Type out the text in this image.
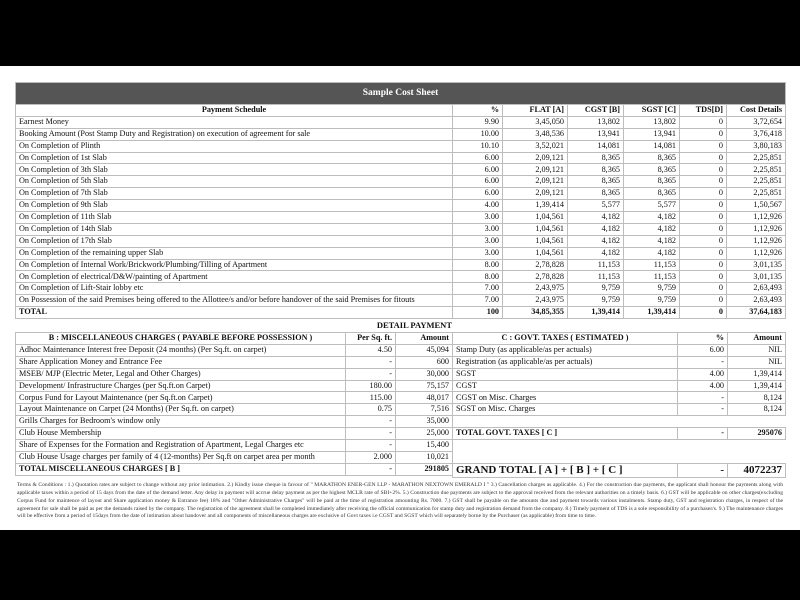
Sample Cost Sheet						
Payment Schedule	%	FLAT [A]	CGST [B]	SGST [C]	TDS[D]	Cost Details
Earnest Money	9.90	3,45,050	13,802	13,802	0	3,72,654
Booking Amount (Post Stamp Duty and Registration) on execution of agreement for sale	10.00	3,48,536	13,941	13,941	0	3,76,418
On Completion of Plinth	10.10	3,52,021	14,081	14,081	0	3,80,183
On Completion of 1st Slab	6.00	2,09,121	8,365	8,365	0	2,25,851
On Completion of 3th Slab	6.00	2,09,121	8,365	8,365	0	2,25,851
On Completion of 5th Slab	6.00	2,09,121	8,365	8,365	0	2,25,851
On Completion of 7th Slab	6.00	2,09,121	8,365	8,365	0	2,25,851
On Completion of 9th Slab	4.00	1,39,414	5,577	5,577	0	1,50,567
On Completion of 11th Slab	3.00	1,04,561	4,182	4,182	0	1,12,926
On Completion of 14th Slab	3.00	1,04,561	4,182	4,182	0	1,12,926
On Completion of 17th Slab	3.00	1,04,561	4,182	4,182	0	1,12,926
On Completion of the remaining upper Slab	3.00	1,04,561	4,182	4,182	0	1,12,926
On Completion of Internal Work/Brickwork/Plumbing/Tilling of Apartment	8.00	2,78,828	11,153	11,153	0	3,01,135
On Completion of electrical/D&W/painting of Apartment	8.00	2,78,828	11,153	11,153	0	3,01,135
On Completion of Lift-Stair lobby etc	7.00	2,43,975	9,759	9,759	0	2,63,493
On Possession of the said Premises being offered to the Allottee/s and/or before handover of the said Premises for fitouts	7.00	2,43,975	9,759	9,759	0	2,63,493
TOTAL	100	34,85,355	1,39,414	1,39,414	0	37,64,183
DETAIL PAYMENT
B : MISCELLANEOUS CHARGES ( PAYABLE BEFORE POSSESSION )	Per Sq. ft.	Amount
Adhoc Maintenance Interest free Deposit (24 months) (Per Sq.ft. on carpet)	4.50	45,094
Share Application Money and Entrance Fee	-	600
MSEB/ MJP (Electric Meter, Legal and Other Charges)	-	30,000
Development/ Infrastructure Charges (per Sq.ft.on Carpet)	180.00	75,157
Corpus Fund for Layout Maintenance (per Sq.ft.on Carpet)	115.00	48,017
Layout Maintenance on Carpet (24 Months) (Per Sq.ft. on carpet)	0.75	7,516
Grills Charges for Bedroom's window only	-	35,000
Club House Membership	-	25,000
Share of Expenses for the Formation and Registration of Apartment, Legal Charges etc	-	15,400
Club House Usage charges per family of 4 (12-months) Per Sq.ft on carpet area per month	2.000	10,021
TOTAL MISCELLANEOUS CHARGES [ B ]	-	291805
C : GOVT. TAXES ( ESTIMATED )	%	Amount
Stamp Duty (as applicable/as per actuals)	6.00	NIL
Registration (as applicable/as per actuals)	-	NIL
SGST	4.00	1,39,414
CGST	4.00	1,39,414
CGST on Misc. Charges	-	8,124
SGST on Misc. Charges	-	8,124

TOTAL GOVT. TAXES [ C ]	-	295076

GRAND TOTAL [ A ] + [ B ] + [ C ]	-	4072237

Terms & Conditions : 1.) Quotation rates are subject to change without any prior intimation. 2.) Kindly issue cheque in favour of " MARATHON ENER-GEN LLP - MARATHON NEXTOWN EMERALD I " 3.) Cancellation charges as applicable. 4.) For the construction due payments, the applicant shall honour the payments along with applicable taxes within a period of 15 days from the date of the demand letter. Any delay in payment will accrue delay payment as per the highest MCLR rate of SBI+2%. 5.) Construction due payments are subject to the approval received from the relevant authorities on a timely basis. 6.) GST will be applicable on other charges(excluding Corpus Fund for maintence of layout and Share application money & Entrance fee) 18% and "Other Administrative Charges" will be paid at the time of registration amounting Rs. 7000. 7.) GST shall be payable on the amounts due and payment towards various instalments. Stamp duty, GST and registration charges, in respect of the agreement for sale shall be paid as per the demands raised by the company. The registration of the agreement shall be completed immediately after receiving the official communication for stamp duty and registration demand from the company. 8.) Timely payment of TDS is a sole responsibility of a purchaser/s. 9.) The maintenance charges will be effective from a period of 15days from the date of intimation about handover and all components of miscellaneous charges are exclusive of Govt taxes i.e CGST and SGST which will separately borne by the Purchaser (as applicable) from time to time.
